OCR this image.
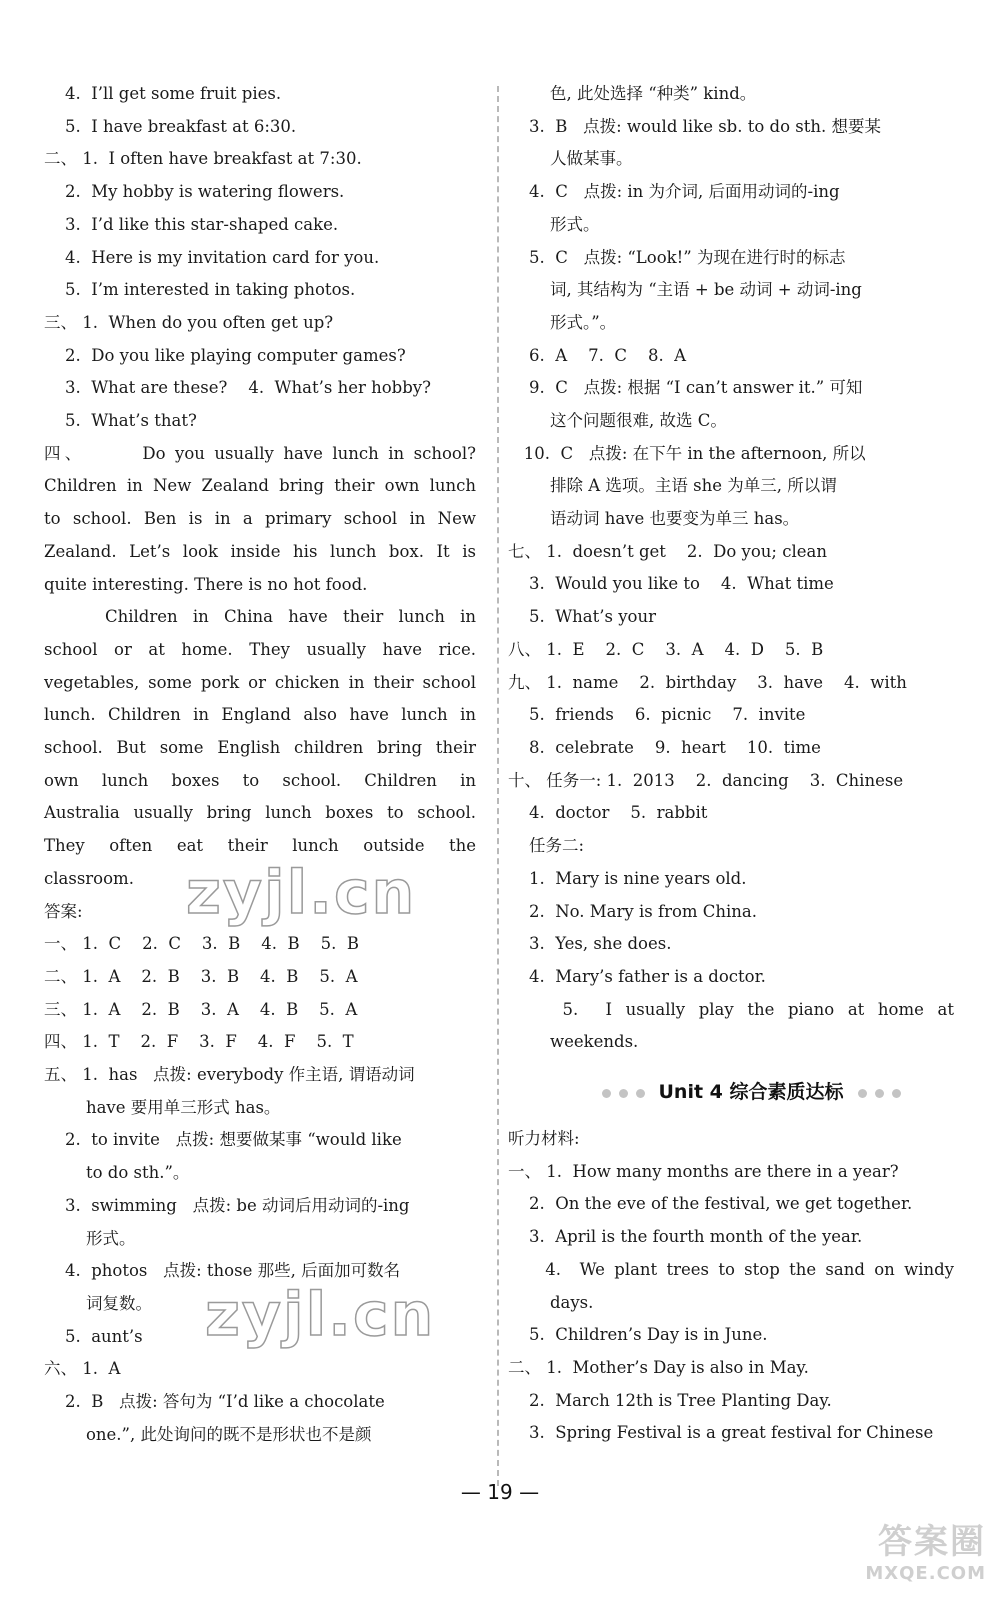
4.  I’ll get some fruit pies.
5.  I have breakfast at 6:30.
二、 1.  I often have breakfast at 7:30.
2.  My hobby is watering flowers.
3.  I’d like this star-shaped cake.
4.  Here is my invitation card for you.
5.  I’m interested in taking photos.
三、 1.  When do you often get up?
2.  Do you like playing computer games?
3.  What are these?    4.  What’s her hobby?
5.  What’s that?
四、      Do you usually have lunch in school?
Children in New Zealand bring their own lunch
to school. Ben is in a primary school in New
Zealand. Let’s look inside his lunch box. It is
quite interesting. There is no hot food.
Children in China have their lunch in
school or at home. They usually have rice.
vegetables, some pork or chicken in their school
lunch. Children in England also have lunch in
school. But some English children bring their
own lunch boxes to school. Children in
Australia usually bring lunch boxes to school.
They often eat their lunch outside the
classroom.
答案:
一、 1.  C    2.  C    3.  B    4.  B    5.  B
二、 1.  A    2.  B    3.  B    4.  B    5.  A
三、 1.  A    2.  B    3.  A    4.  B    5.  A
四、 1.  T    2.  F    3.  F    4.  F    5.  T
五、 1.  has   点拨: everybody 作主语, 谓语动词
have 要用单三形式 has。
2.  to invite   点拨: 想要做某事 “would like
to do sth.”。
3.  swimming   点拨: be 动词后用动词的-ing
形式。
4.  photos   点拨: those 那些, 后面加可数名
词复数。
5.  aunt’s
六、 1.  A
2.  B   点拨: 答句为 “I’d like a chocolate
one.”, 此处询问的既不是形状也不是颜
色, 此处选择 “种类” kind。
3.  B   点拨: would like sb. to do sth. 想要某
人做某事。
4.  C   点拨: in 为介词, 后面用动词的-ing
形式。
5.  C   点拨: “Look!” 为现在进行时的标志
词, 其结构为 “主语 + be 动词 + 动词-ing
形式。”。
6.  A    7.  C    8.  A
9.  C   点拨: 根据 “I can’t answer it.” 可知
这个问题很难, 故选 C。
10.  C   点拨: 在下午 in the afternoon, 所以
排除 A 选项。主语 she 为单三, 所以谓
语动词 have 也要变为单三 has。
七、 1.  doesn’t get    2.  Do you; clean
3.  Would you like to    4.  What time
5.  What’s your
八、 1.  E    2.  C    3.  A    4.  D    5.  B
九、 1.  name    2.  birthday    3.  have    4.  with
5.  friends    6.  picnic    7.  invite
8.  celebrate    9.  heart    10.  time
十、 任务一: 1.  2013    2.  dancing    3.  Chinese
4.  doctor    5.  rabbit
任务二:
1.  Mary is nine years old.
2.  No. Mary is from China.
3.  Yes, she does.
4.  Mary’s father is a doctor.
5.  I usually play the piano at home at
weekends.
Unit 4 综合素质达标
听力材料:
一、 1.  How many months are there in a year?
2.  On the eve of the festival, we get together.
3.  April is the fourth month of the year.
4.  We plant trees to stop the sand on windy
days.
5.  Children’s Day is in June.
二、 1.  Mother’s Day is also in May.
2.  March 12th is Tree Planting Day.
3.  Spring Festival is a great festival for Chinese
zyjl.cn
zyjl.cn
— 19 —
答案圈
MXQE.COM
